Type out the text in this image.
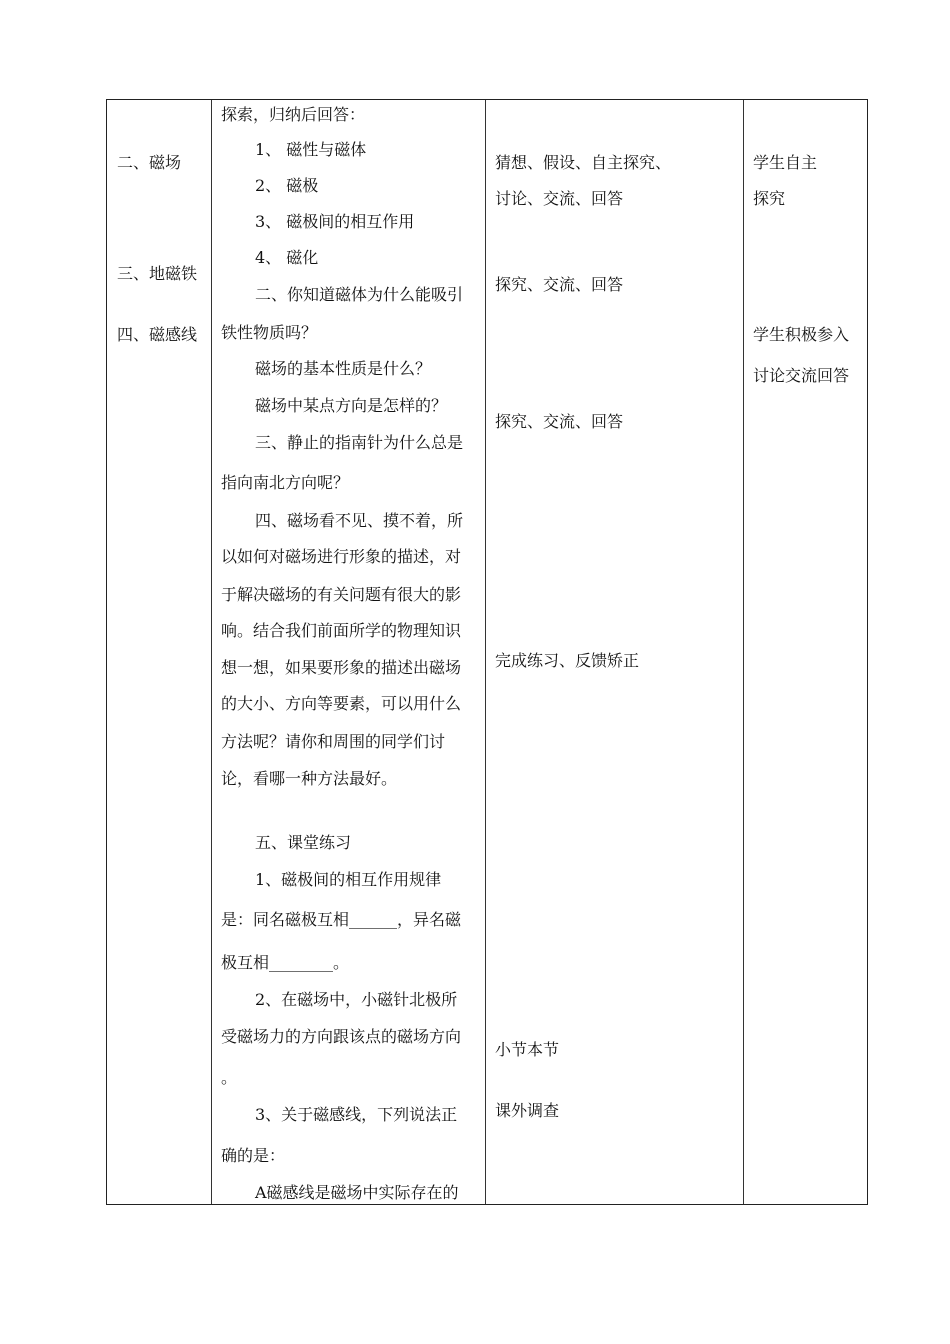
二、磁场
三、地磁铁
四、磁感线
探索，归纳后回答：
1、 磁性与磁体
2、 磁极
3、 磁极间的相互作用
4、 磁化
二、你知道磁体为什么能吸引
铁性物质吗？
磁场的基本性质是什么？
磁场中某点方向是怎样的？
三、静止的指南针为什么总是
指向南北方向呢？
四、磁场看不见、摸不着，所
以如何对磁场进行形象的描述，对
于解决磁场的有关问题有很大的影
响。结合我们前面所学的物理知识
想一想，如果要形象的描述出磁场
的大小、方向等要素，可以用什么
方法呢？请你和周围的同学们讨
论，看哪一种方法最好。
五、课堂练习
1、磁极间的相互作用规律
是：同名磁极互相______，异名磁
极互相________。
2、在磁场中，小磁针北极所
受磁场力的方向跟该点的磁场方向
。
3、关于磁感线，下列说法正
确的是：
A磁感线是磁场中实际存在的
猜想、假设、自主探究、
讨论、交流、回答
探究、交流、回答
探究、交流、回答
完成练习、反馈矫正
小节本节
课外调查
学生自主
探究
学生积极参入
讨论交流回答
